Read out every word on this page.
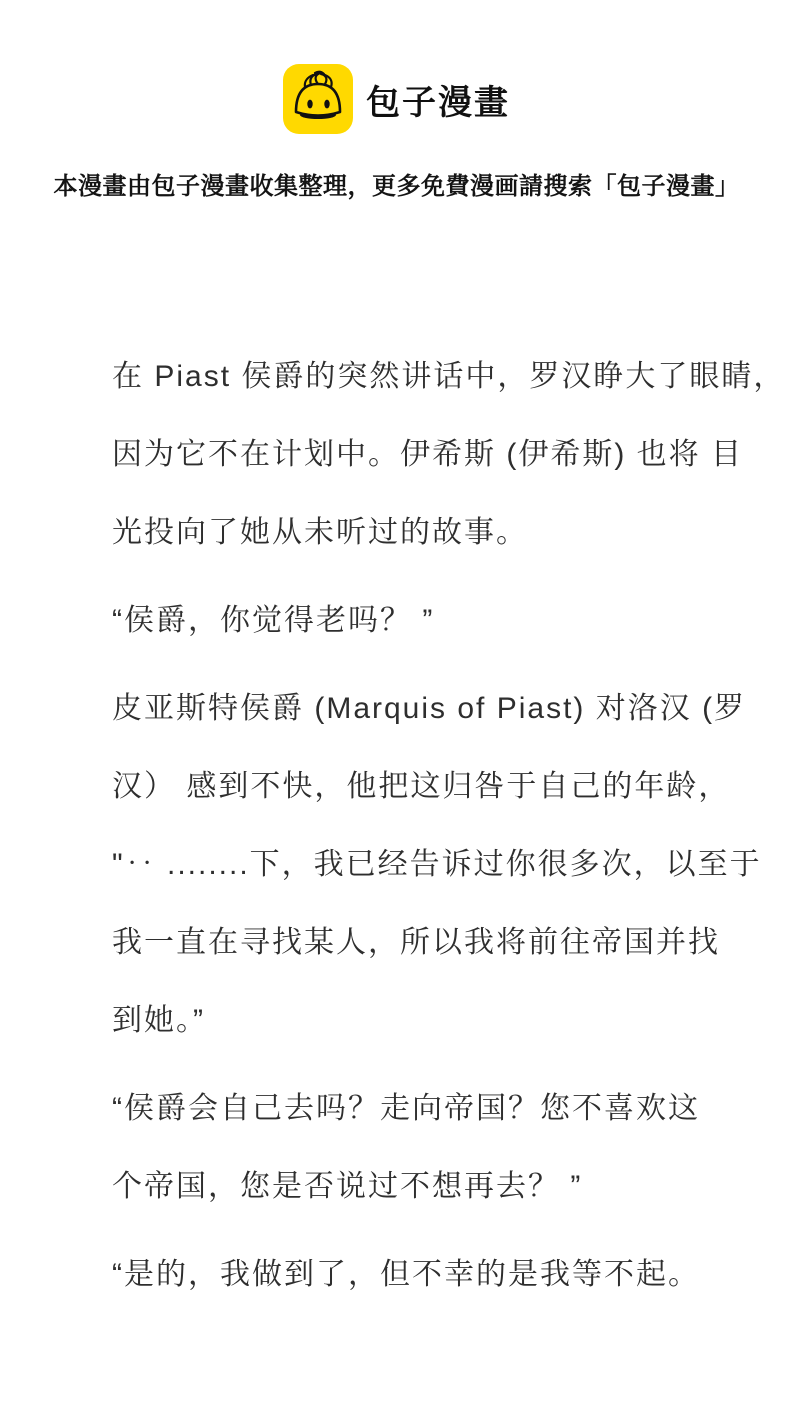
包子漫畫
本漫畫由包子漫畫收集整理，更多免費漫画請搜索「包子漫畫」
在 Piast 侯爵的突然讲话中，罗汉睁大了眼睛，
因为它不在计划中。伊希斯 (伊希斯) 也将 目
光投向了她从未听过的故事。
“侯爵，你觉得老吗？ ”
皮亚斯特侯爵 (Marquis of Piast) 对洛汉 (罗
汉） 感到不快，他把这归咎于自己的年龄，
"‥ ........下，我已经告诉过你很多次，以至于
我一直在寻找某人，所以我将前往帝国并找
到她。”
“侯爵会自己去吗？走向帝国？您不喜欢这
个帝国，您是否说过不想再去？ ”
“是的，我做到了，但不幸的是我等不起。
